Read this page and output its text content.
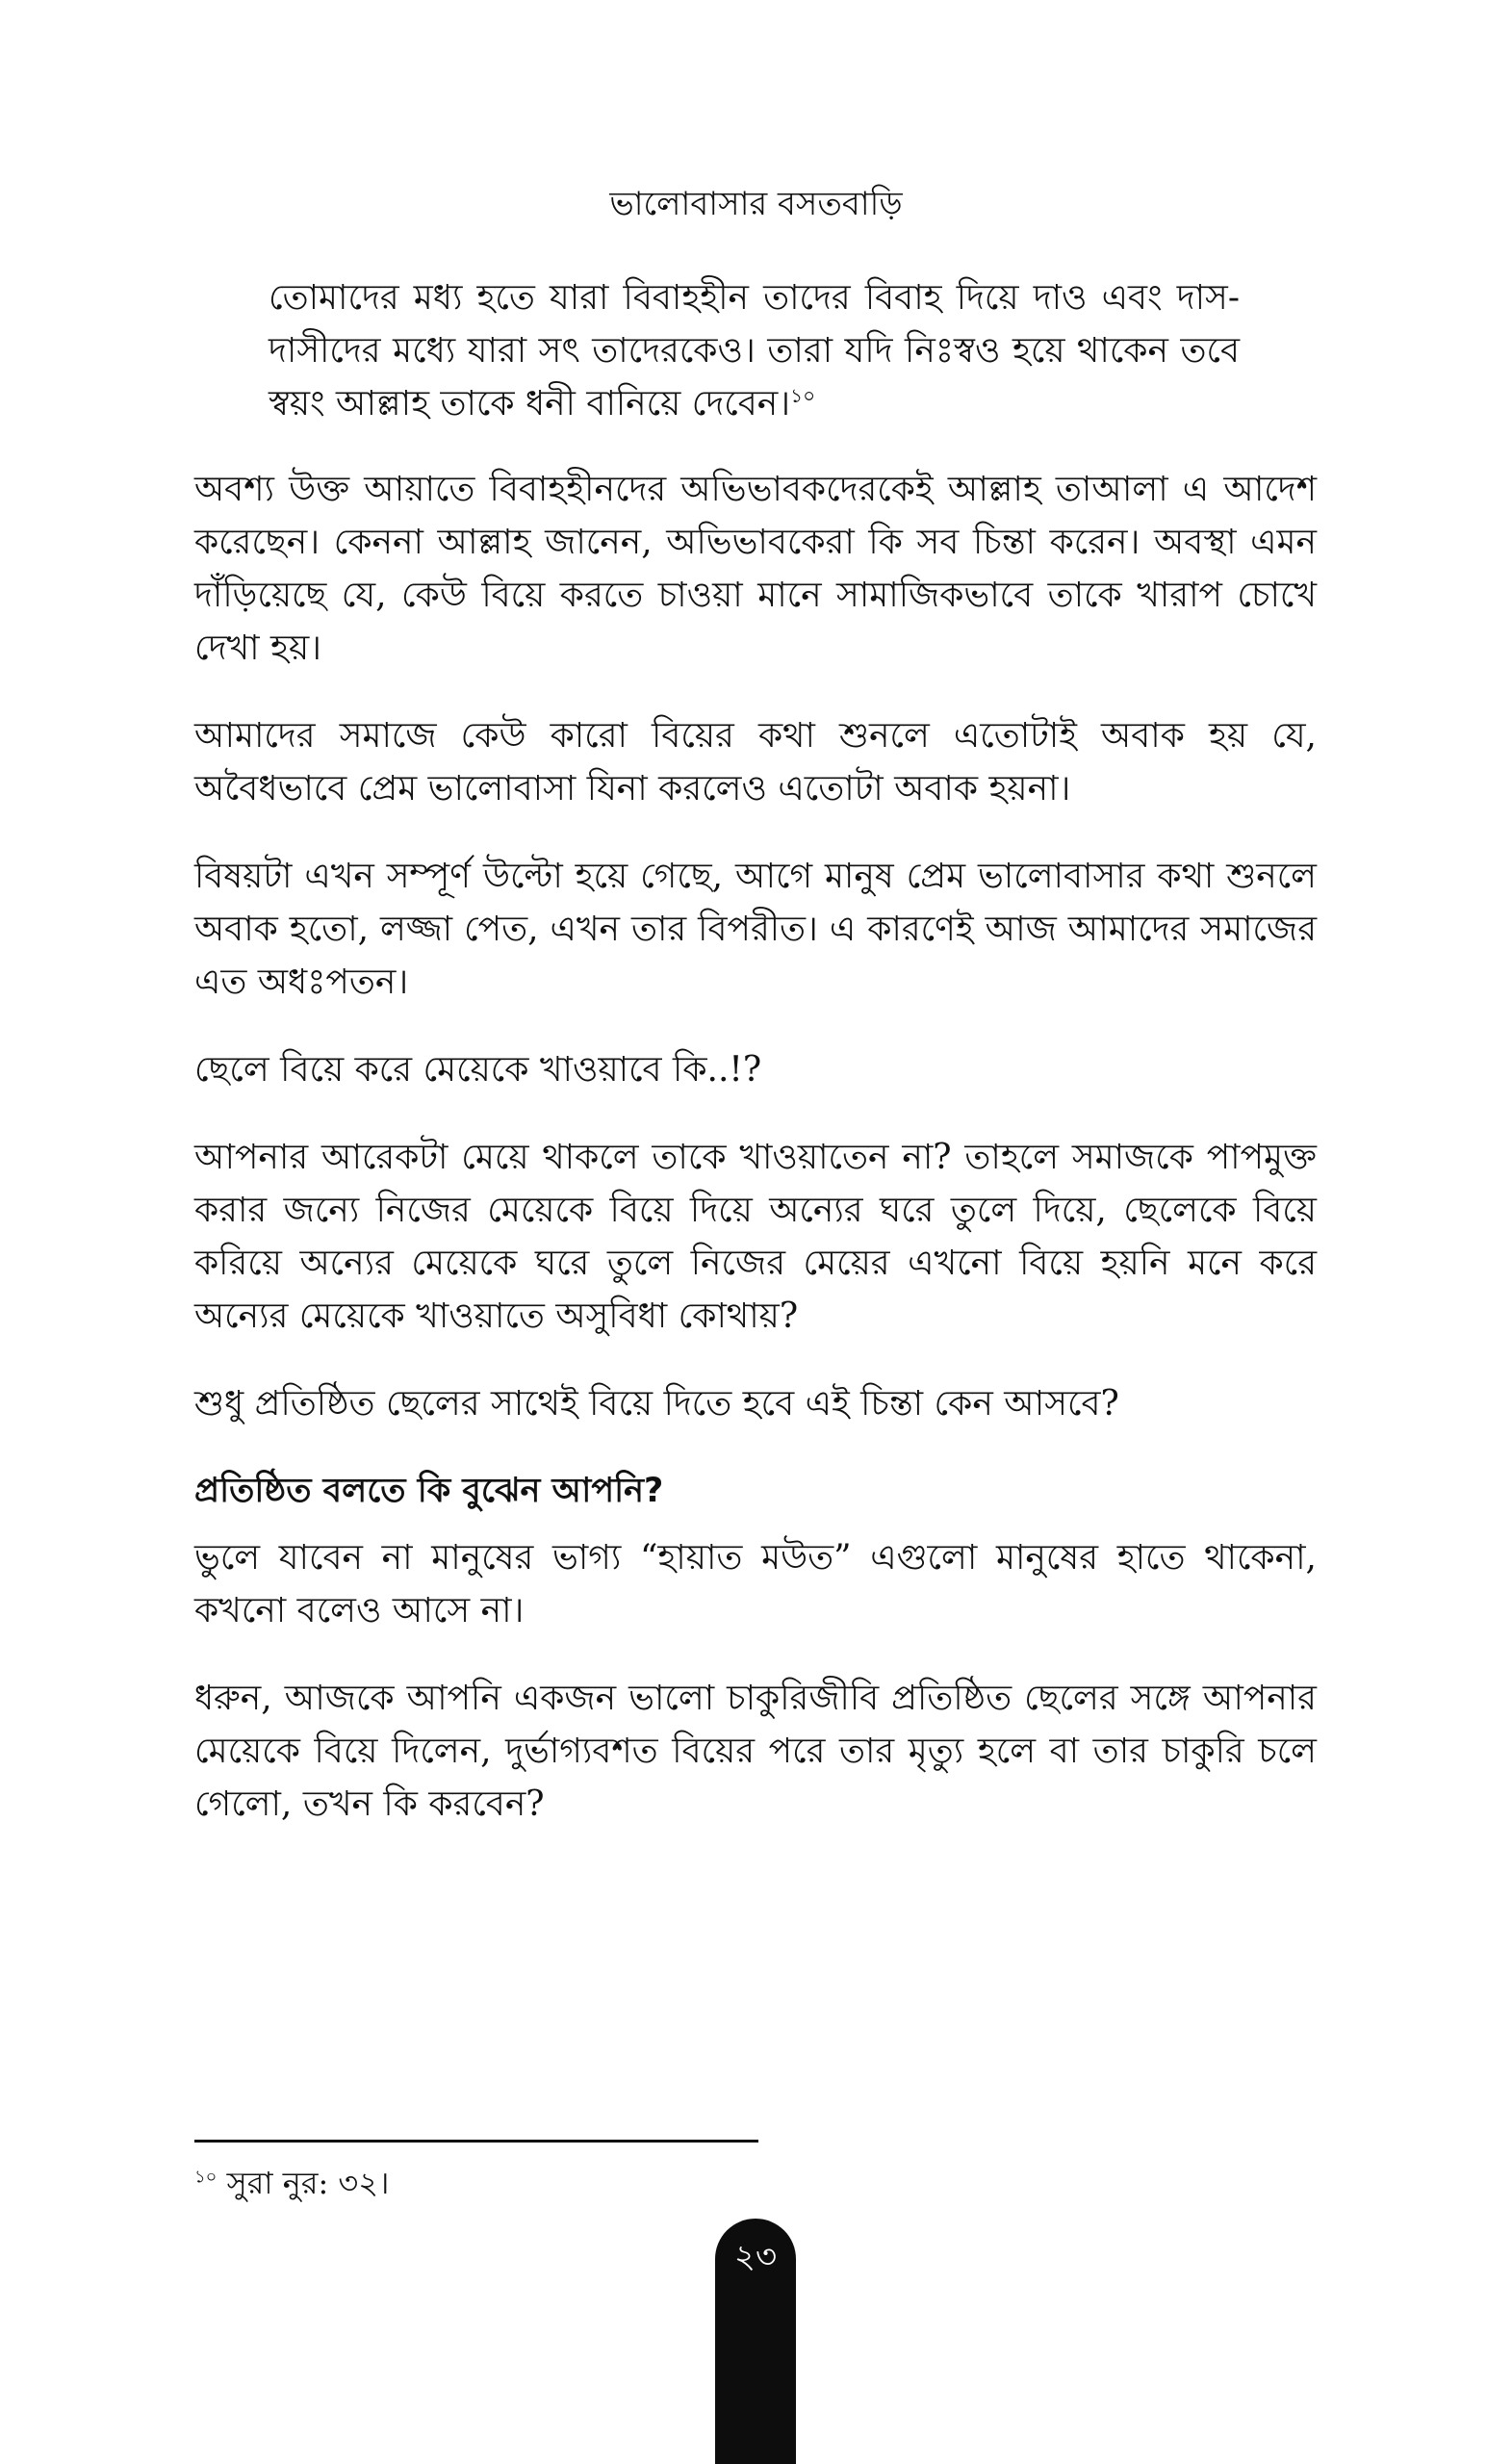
ভালোবাসার বসতবাড়ি

তোমাদের মধ্য হতে যারা বিবাহহীন তাদের বিবাহ দিয়ে দাও এবং দাস-দাসীদের মধ্যে যারা সৎ তাদেরকেও। তারা যদি নিঃস্বও হয়ে থাকেন তবে স্বয়ং আল্লাহ তাকে ধনী বানিয়ে দেবেন।$^{১০}$

অবশ্য উক্ত আয়াতে বিবাহহীনদের অভিভাবকদেরকেই আল্লাহ তাআলা এ আদেশ করেছেন। কেননা আল্লাহ জানেন, অভিভাবকেরা কি সব চিন্তা করেন। অবস্থা এমন দাঁড়িয়েছে যে, কেউ বিয়ে করতে চাওয়া মানে সামাজিকভাবে তাকে খারাপ চোখে দেখা হয়।

আমাদের সমাজে কেউ কারো বিয়ের কথা শুনলে এতোটাই অবাক হয় যে, অবৈধভাবে প্রেম ভালোবাসা যিনা করলেও এতোটা অবাক হয়না।

বিষয়টা এখন সম্পূর্ণ উল্টো হয়ে গেছে, আগে মানুষ প্রেম ভালোবাসার কথা শুনলে অবাক হতো, লজ্জা পেত, এখন তার বিপরীত। এ কারণেই আজ আমাদের সমাজের এত অধঃপতন।

ছেলে বিয়ে করে মেয়েকে খাওয়াবে কি..!?

আপনার আরেকটা মেয়ে থাকলে তাকে খাওয়াতেন না? তাহলে সমাজকে পাপমুক্ত করার জন্যে নিজের মেয়েকে বিয়ে দিয়ে অন্যের ঘরে তুলে দিয়ে, ছেলেকে বিয়ে করিয়ে অন্যের মেয়েকে ঘরে তুলে নিজের মেয়ের এখনো বিয়ে হয়নি মনে করে অন্যের মেয়েকে খাওয়াতে অসুবিধা কোথায়?

শুধু প্রতিষ্ঠিত ছেলের সাথেই বিয়ে দিতে হবে এই চিন্তা কেন আসবে?

প্রতিষ্ঠিত বলতে কি বুঝেন আপনি?

ভুলে যাবেন না মানুষের ভাগ্য “হায়াত মউত” এগুলো মানুষের হাতে থাকেনা, কখনো বলেও আসে না।

ধরুন, আজকে আপনি একজন ভালো চাকুরিজীবি প্রতিষ্ঠিত ছেলের সঙ্গে আপনার মেয়েকে বিয়ে দিলেন, দুর্ভাগ্যবশত বিয়ের পরে তার মৃত্যু হলে বা তার চাকুরি চলে গেলো, তখন কি করবেন?

$^{১০}$ সুরা নুর: ৩২।
২৩
